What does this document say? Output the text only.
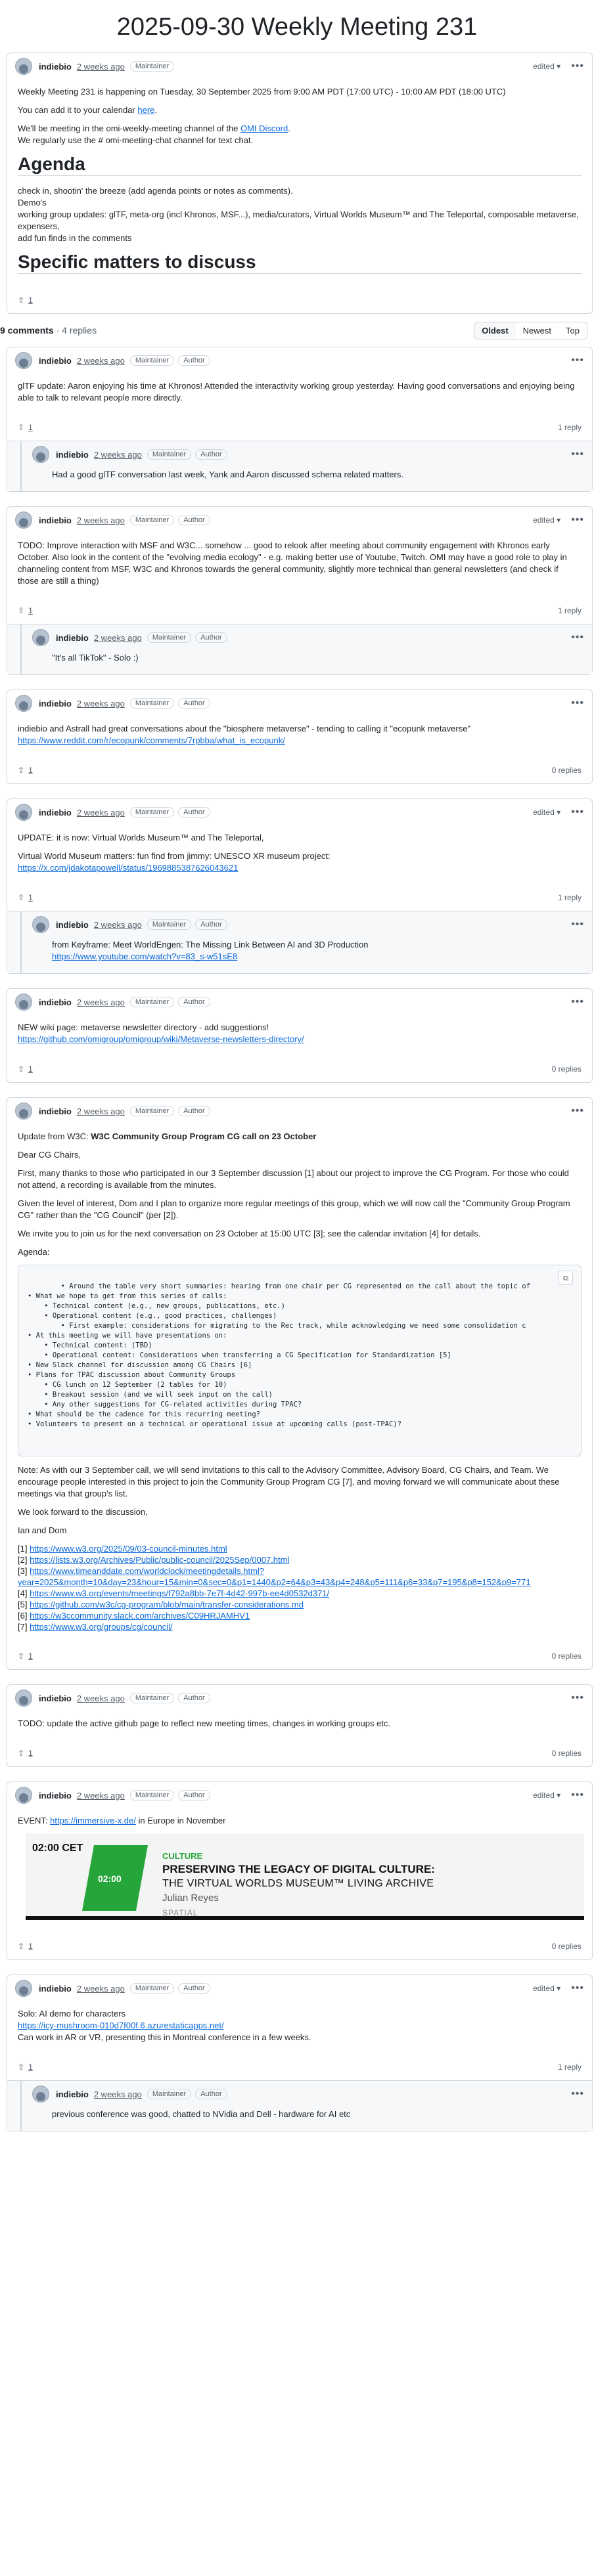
2025-09-30 Weekly Meeting 231
indiebio 2 weeks ago	Maintainer	edited ▾ •••

Weekly Meeting 231 is happening on Tuesday, 30 September 2025 from 9:00 AM PDT (17:00 UTC) - 10:00 AM PDT (18:00 UTC)

You can add it to your calendar here.

We'll be meeting in the omi-weekly-meeting channel of the OMI Discord.
We regularly use the # omi-meeting-chat channel for text chat.

Agenda

check in, shootin' the breeze (add agenda points or notes as comments).
Demo's
working group updates: glTF, meta-org (incl Khronos, MSF...), media/curators, Virtual Worlds Museum™ and The Teleportal, composable metaverse, expensers,
add fun finds in the comments

Specific matters to discuss
⇧ 1
9 comments · 4 replies	Oldest	Newest	Top
indiebio 2 weeks ago	Maintainer	Author	•••

glTF update: Aaron enjoying his time at Khronos! Attended the interactivity working group yesterday. Having good conversations and enjoying being able to talk to relevant people more directly.

⇧ 1	1 reply
indiebio 2 weeks ago	Maintainer	Author	•••

Had a good glTF conversation last week, Yank and Aaron discussed schema related matters.

indiebio 2 weeks ago	Maintainer	Author	edited ▾ •••

TODO: Improve interaction with MSF and W3C... somehow ... good to relook after meeting about community engagement with Khronos early October. Also look in the content of the "evolving media ecology" - e.g. making better use of Youtube, Twitch. OMI may have a good role to play in channeling content from MSF, W3C and Khronos towards the general community, slightly more technical than general newsletters (and check if those are still a thing)

⇧ 1	1 reply
indiebio 2 weeks ago	Maintainer	Author	•••

"It's all TikTok" - Solo :)

indiebio 2 weeks ago	Maintainer	Author	•••

indiebio and Astrall had great conversations about the "biosphere metaverse" - tending to calling it "ecopunk metaverse"
https://www.reddit.com/r/ecopunk/comments/7rpbba/what_is_ecopunk/

⇧ 1	0 replies
indiebio 2 weeks ago	Maintainer	Author	edited ▾ •••

UPDATE: it is now: Virtual Worlds Museum™ and The Teleportal,

Virtual World Museum matters: fun find from jimmy: UNESCO XR museum project:
https://x.com/jdakotapowell/status/1969885387626043621

⇧ 1	1 reply
indiebio 2 weeks ago	Maintainer	Author	•••

from Keyframe: Meet WorldEngen: The Missing Link Between AI and 3D Production
https://www.youtube.com/watch?v=83_s-w51sE8

indiebio 2 weeks ago	Maintainer	Author	•••

NEW wiki page: metaverse newsletter directory - add suggestions!
https://github.com/omigroup/omigroup/wiki/Metaverse-newsletters-directory/

⇧ 1	0 replies
indiebio 2 weeks ago	Maintainer	Author	•••

Update from W3C: W3C Community Group Program CG call on 23 October

Dear CG Chairs,

First, many thanks to those who participated in our 3 September discussion [1] about our project to improve the CG Program. For those who could not attend, a recording is available from the minutes.

Given the level of interest, Dom and I plan to organize more regular meetings of this group, which we will now call the "Community Group Program CG" rather than the "CG Council" (per [2]).

We invite you to join us for the next conversation on 23 October at 15:00 UTC [3]; see the calendar invitation [4] for details.

Agenda:

• Around the table very short summaries: hearing from one chair per CG represented on the call about the topic of
• What we hope to get from this series of calls:
• Technical content (e.g., new groups, publications, etc.)
• Operational content (e.g., good practices, challenges)
• First example: considerations for migrating to the Rec track, while acknowledging we need some consolidation c
• At this meeting we will have presentations on:
• Technical content: (TBD)
• Operational content: Considerations when transferring a CG Specification for Standardization [5]
• New Slack channel for discussion among CG Chairs [6]
• Plans for TPAC discussion about Community Groups
• CG lunch on 12 September (2 tables for 10)
• Breakout session (and we will seek input on the call)
• Any other suggestions for CG-related activities during TPAC?
• What should be the cadence for this recurring meeting?
• Volunteers to present on a technical or operational issue at upcoming calls (post-TPAC)?

⧉

Note: As with our 3 September call, we will send invitations to this call to the Advisory Committee, Advisory Board, CG Chairs, and Team. We encourage people interested in this project to join the Community Group Program CG [7], and moving forward we will communicate about these meetings via that group's list.

We look forward to the discussion,

Ian and Dom

[1] https://www.w3.org/2025/09/03-council-minutes.html
[2] https://lists.w3.org/Archives/Public/public-council/2025Sep/0007.html
[3] https://www.timeanddate.com/worldclock/meetingdetails.html?
year=2025&month=10&day=23&hour=15&min=0&sec=0&p1=1440&p2=64&p3=43&p4=248&p5=111&p6=33&p7=195&p8=152&p9=771
[4] https://www.w3.org/events/meetings/f792a8bb-7e7f-4d42-997b-ee4d0532d371/
[5] https://github.com/w3c/cg-program/blob/main/transfer-considerations.md
[6] https://w3ccommunity.slack.com/archives/C09HRJAMHV1
[7] https://www.w3.org/groups/cg/council/
⇧ 1	0 replies
indiebio 2 weeks ago	Maintainer	Author	•••

TODO: update the active github page to reflect new meeting times, changes in working groups etc.

⇧ 1	0 replies
indiebio 2 weeks ago	Maintainer	Author	edited ▾ •••

EVENT: https://immersive-x.de/ in Europe in November

02:00 CET
02:00
CULTURE
PRESERVING THE LEGACY OF DIGITAL CULTURE:
THE VIRTUAL WORLDS MUSEUM™ LIVING ARCHIVE
Julian Reyes
SPATIAL
⇧ 1	0 replies
indiebio 2 weeks ago	Maintainer	Author	edited ▾ •••

Solo: AI demo for characters
https://icy-mushroom-010d7f00f.6.azurestaticapps.net/
Can work in AR or VR, presenting this in Montreal conference in a few weeks.

⇧ 1	1 reply
indiebio 2 weeks ago	Maintainer	Author	•••

previous conference was good, chatted to NVidia and Dell - hardware for AI etc
